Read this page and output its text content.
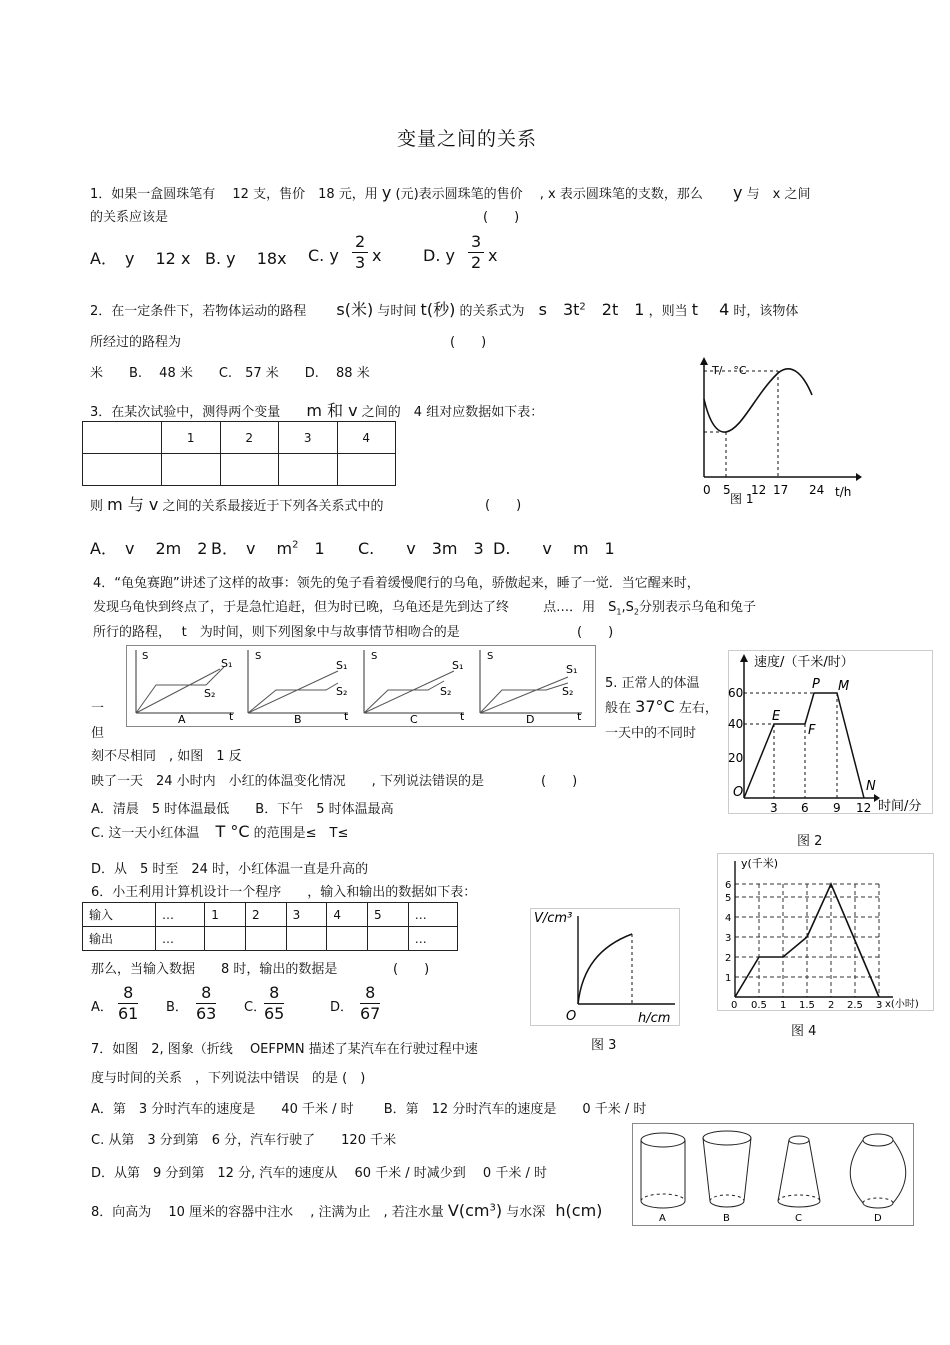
变量之间的关系
1．如果一盒圆珠笔有　 12 支，售价　18 元，用 y (元)表示圆珠笔的售价　 , x 表示圆珠笔的支数，那么　　 y 与　x 之间
的关系应该是	(　　)
A．　y　 12 x B. y　 18x C. y $\frac{2}{3}$ x	D. y $\frac{3}{2}$ x
2．在一定条件下，若物体运动的路程 s(米) 与时间 t(秒) 的关系式为 s　$3t^2$　2t　1 ，则当 t　 4 时，该物体
所经过的路程为	(　　)
米　　B.　 48 米　　C.　57 米　　D.　 88 米
3．在某次试验中，测得两个变量 m 和 v 之间的　4 组对应数据如下表：
	1	2	3	4

则 m 与 v 之间的关系最接近于下列各关系式中的	(　　)
A．　v　 2m　2 B．　v　 $m^2$　1 C.　　v　3m　3 D.　　v　 m　1
T/　°C
0 5 12 17 24 t/h
图 1
4．“龟兔赛跑”讲述了这样的故事：领先的兔子看着缓慢爬行的乌龟，骄傲起来，睡了一觉．当它醒来时，
发现乌龟快到终点了，于是急忙追赶，但为时已晚，乌龟还是先到达了终	点…．用　$S_1,S_2$分别表示乌龟和兔子
所行的路程，　 t　为时间，则下列图象中与故事情节相吻合的是	(　　)
S
S₁
S₂
t
A
S
S₁
S₂
t
B
S
S₁
S₂
t
C
S
S₁
S₂
t
D
5. 正常人的体温
般在 37°C 左右，
一天中的不同时
一
但
刻不尽相同　, 如图　1 反
映了一天　24 小时内　小红的体温变化情况　　, 下列说法错误的是	(　　)
A．清晨　5 时体温最低　　B．下午　5 时体温最高
C. 这一天小红体温 T °C 的范围是≤　T≤
D．从　5 时至　24 时，小红体温一直是升高的
速度/（千米/时）
20
40
60
3 6 9 12 时间/分
O
E
F
P M
N
图 2
6．小王利用计算机设计一个程序　　，输入和输出的数据如下表：
输入	…	1	2	3	4	5	…
输出	…						…
那么，当输入数据　　8 时，输出的数据是	(　　)
A． $\frac{8}{61}$ B． $\frac{8}{63}$ C．
$\frac{8}{65}$	D． $\frac{8}{67}$
V/cm³
O	h/cm
图 3
y(千米)
1
2
3
4
5
6
0 0.5 1 1.5 2 2.5 3 x(小时)
图 4
7．如图　2, 图象（折线　 OEFPMN 描述了某汽车在行驶过程中速
度与时间的关系　，下列说法中错误　的是 (　)
A．第　3 分时汽车的速度是　　40 千米 / 时　　 B．第　12 分时汽车的速度是　　0 千米 / 时
C. 从第　3 分到第　6 分，汽车行驶了　　120 千米
D．从第　9 分到第　12 分, 汽车的速度从　 60 千米 / 时减少到　 0 千米 / 时
8．向高为　 10 厘米的容器中注水　 , 注满为止　, 若注水量 $V(cm^3)$ 与水深 h(cm)	A	B	C	D
